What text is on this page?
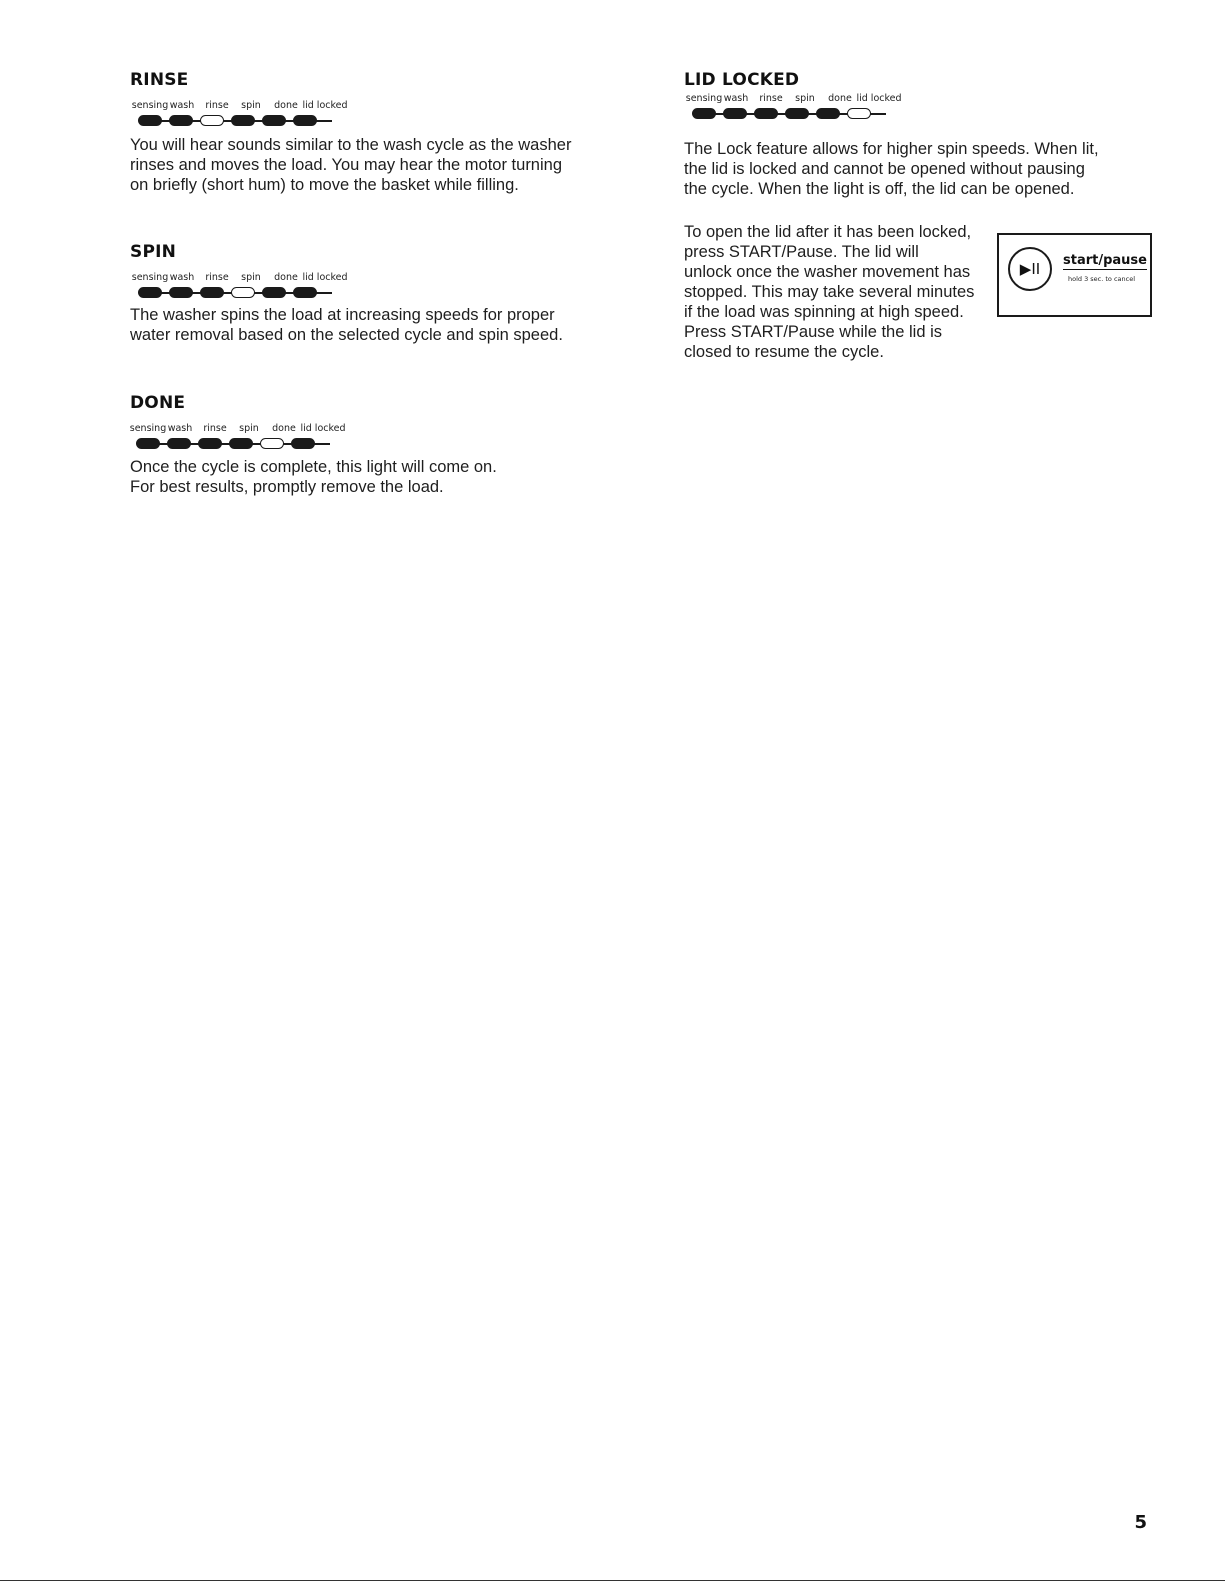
RINSE
sensing wash rinse spin done lid locked

You will hear sounds similar to the wash cycle as the washer
rinses and moves the load. You may hear the motor turning
on briefly (short hum) to move the basket while filling.

SPIN
sensing wash rinse spin done lid locked

The washer spins the load at increasing speeds for proper
water removal based on the selected cycle and spin speed.

DONE
sensing wash rinse spin done lid locked

Once the cycle is complete, this light will come on.
For best results, promptly remove the load.

LID LOCKED
sensing wash rinse spin done lid locked

The Lock feature allows for higher spin speeds. When lit,
the lid is locked and cannot be opened without pausing
the cycle. When the light is off, the lid can be opened.

To open the lid after it has been locked,
press START/Pause. The lid will
unlock once the washer movement has
stopped. This may take several minutes
if the load was spinning at high speed.
Press START/Pause while the lid is
closed to resume the cycle.

▶II	start/pause
hold 3 sec. to cancel
5
